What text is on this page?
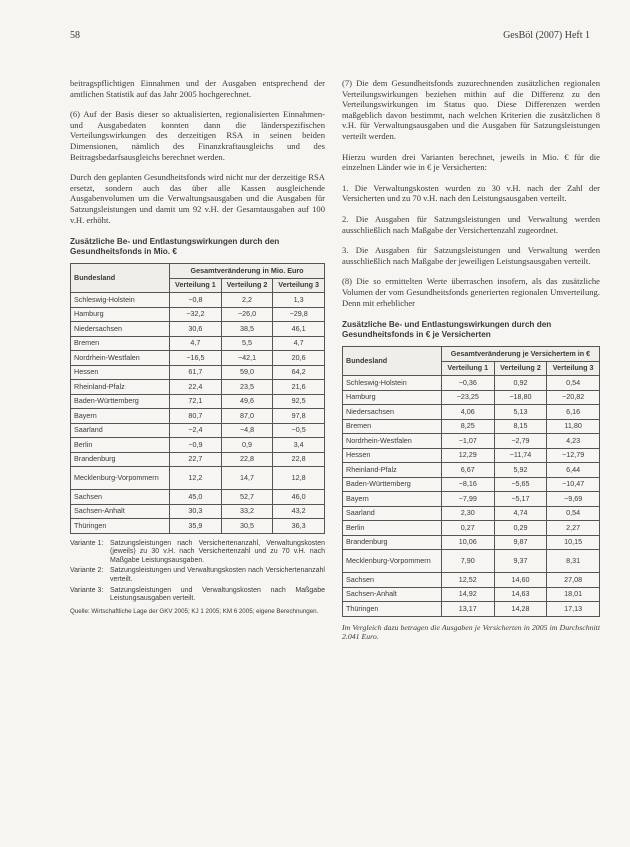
58	GesBöl (2007) Heft 1

beitragspflichtigen Einnahmen und der Ausgaben entsprechend der amtlichen Statistik auf das Jahr 2005 hochgerechnet.

(6) Auf der Basis dieser so aktualisierten, regionalisierten Einnahmen- und Ausgabedaten konnten dann die länderspezifischen Verteilungswirkungen des derzeitigen RSA in seinen beiden Dimensionen, nämlich des Finanzkraftausgleichs und des Beitragsbedarfsausgleichs berechnet werden.

Durch den geplanten Gesundheitsfonds wird nicht nur der derzeitige RSA ersetzt, sondern auch das über alle Kassen ausgleichende Ausgabenvolumen um die Verwaltungsausgaben und die Ausgaben für Satzungsleistungen und damit um 92 v.H. der Gesamtausgaben auf 100 v.H. erhöht.

Zusätzliche Be- und Entlastungswirkungen durch den Gesundheitsfonds in Mio. €
Bundesland	Gesamtveränderung in Mio. Euro		
	Verteilung 1	Verteilung 2	Verteilung 3
Schleswig-Holstein	−0,8	2,2	1,3
Hamburg	−32,2	−26,0	−29,8
Niedersachsen	30,6	38,5	46,1
Bremen	4,7	5,5	4,7
Nordrhein-Westfalen	−16,5	−42,1	20,6
Hessen	61,7	59,0	64,2
Rheinland-Pfalz	22,4	23,5	21,6
Baden-Württemberg	72,1	49,6	92,5
Bayern	80,7	87,0	97,8
Saarland	−2,4	−4,8	−0,5
Berlin	−0,9	0,9	3,4
Brandenburg	22,7	22,8	22,8
Mecklenburg-Vorpommern	12,2	14,7	12,8
Sachsen	45,0	52,7	46,0
Sachsen-Anhalt	30,3	33,2	43,2
Thüringen	35,9	30,5	36,3
Variante 1: Satzungsleistungen nach Versichertenanzahl, Verwaltungskosten (jeweils) zu 30 v.H. nach Versichertenzahl und zu 70 v.H. nach Maßgabe Leistungsausgaben.
Variante 2: Satzungsleistungen und Verwaltungskosten nach Versichertenanzahl verteilt.
Variante 3: Satzungsleistungen und Verwaltungskosten nach Maßgabe Leistungsausgaben verteilt.
Quelle: Wirtschaftliche Lage der GKV 2005; KJ 1 2005; KM 6 2005; eigene Berechnungen.

(7) Die dem Gesundheitsfonds zuzurechnenden zusätzlichen regionalen Verteilungswirkungen beziehen mithin auf die Differenz zu den Verteilungswirkungen im Status quo. Diese Differenzen werden maßgeblich davon bestimmt, nach welchen Kriterien die zusätzlichen 8 v.H. für Verwaltungsausgaben und die Ausgaben für Satzungsleistungen verteilt werden.

Hierzu wurden drei Varianten berechnet, jeweils in Mio. € für die einzelnen Länder wie in € je Versicherten:

1. Die Verwaltungskosten wurden zu 30 v.H. nach der Zahl der Versicherten und zu 70 v.H. nach den Leistungsausgaben verteilt.

2. Die Ausgaben für Satzungsleistungen und Verwaltung werden ausschließlich nach Maßgabe der Versichertenzahl zugeordnet.

3. Die Ausgaben für Satzungsleistungen und Verwaltung werden ausschließlich nach Maßgabe der jeweiligen Leistungsausgaben verteilt.

(8) Die so ermittelten Werte überraschen insofern, als das zusätzliche Volumen der vom Gesundheitsfonds generierten regionalen Umverteilung. Denn mit erheblicher

Zusätzliche Be- und Entlastungswirkungen durch den Gesundheitsfonds in € je Versicherten
Bundesland	Gesamtveränderung je Versichertem in €		
	Verteilung 1	Verteilung 2	Verteilung 3
Schleswig-Holstein	−0,36	0,92	0,54
Hamburg	−23,25	−18,80	−20,82
Niedersachsen	4,06	5,13	6,16
Bremen	8,25	8,15	11,80
Nordrhein-Westfalen	−1,07	−2,79	4,23
Hessen	12,29	−11,74	−12,79
Rheinland-Pfalz	6,67	5,92	6,44
Baden-Württemberg	−8,16	−5,65	−10,47
Bayern	−7,99	−5,17	−9,69
Saarland	2,30	4,74	0,54
Berlin	0,27	0,29	2,27
Brandenburg	10,06	9,87	10,15
Mecklenburg-Vorpommern	7,90	9,37	8,31
Sachsen	12,52	14,60	27,08
Sachsen-Anhalt	14,92	14,63	18,01
Thüringen	13,17	14,28	17,13
Im Vergleich dazu betragen die Ausgaben je Versicherten in 2005 im Durchschnitt 2.041 Euro.
